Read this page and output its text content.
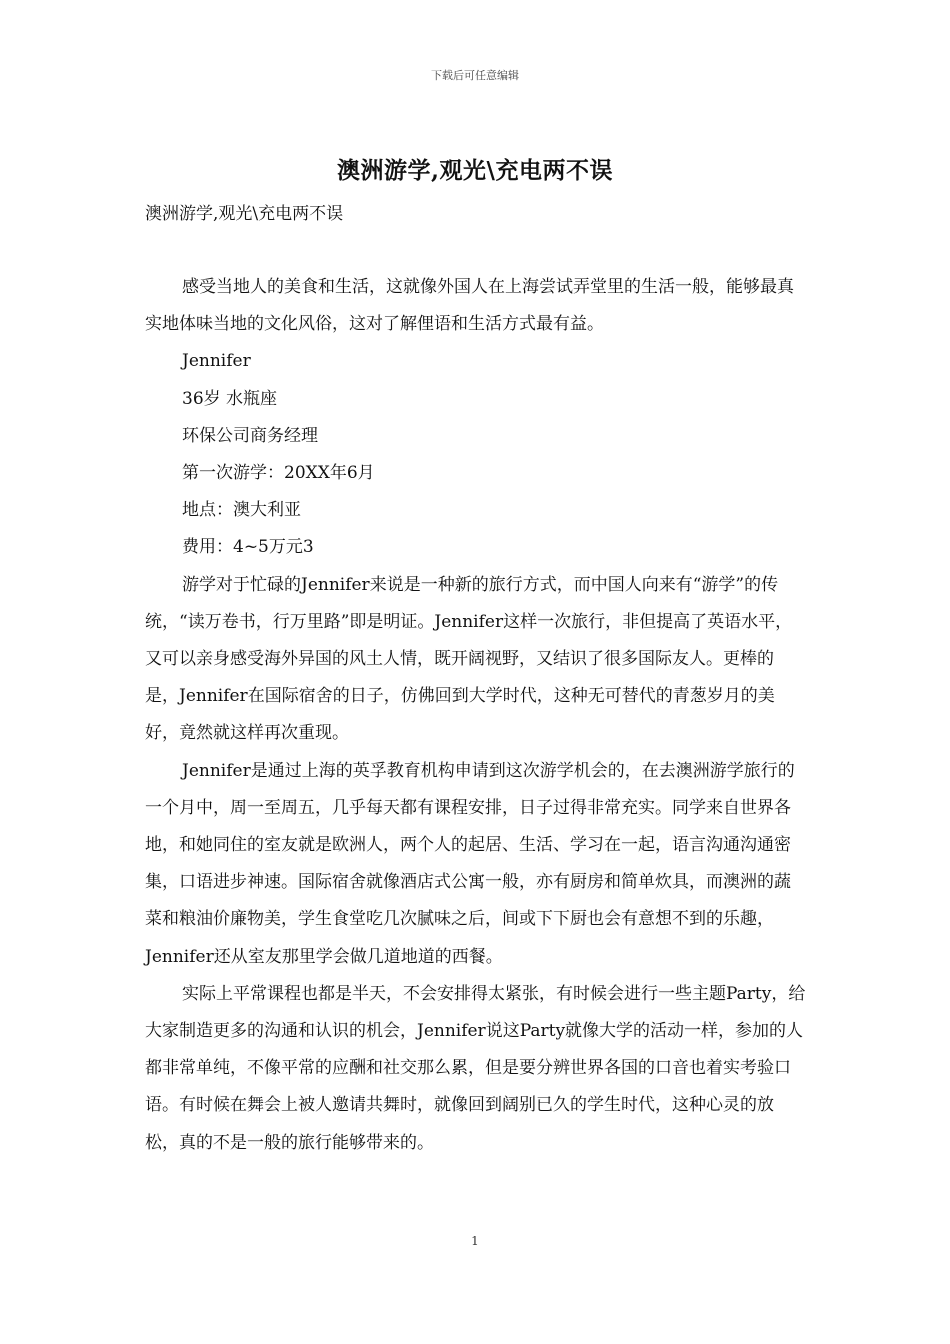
下载后可任意编辑
澳洲游学,观光\充电两不误

澳洲游学,观光\充电两不误

感受当地人的美食和生活，这就像外国人在上海尝试弄堂里的生活一般，能够最真实地体味当地的文化风俗，这对了解俚语和生活方式最有益。

Jennifer

36岁 水瓶座

环保公司商务经理

第一次游学：20XX年6月

地点：澳大利亚

费用：4~5万元3

游学对于忙碌的Jennifer来说是一种新的旅行方式，而中国人向来有“游学”的传统，“读万卷书，行万里路”即是明证。Jennifer这样一次旅行，非但提高了英语水平，又可以亲身感受海外异国的风土人情，既开阔视野，又结识了很多国际友人。更棒的是，Jennifer在国际宿舍的日子，仿佛回到大学时代，这种无可替代的青葱岁月的美好，竟然就这样再次重现。

Jennifer是通过上海的英孚教育机构申请到这次游学机会的，在去澳洲游学旅行的一个月中，周一至周五，几乎每天都有课程安排，日子过得非常充实。同学来自世界各地，和她同住的室友就是欧洲人，两个人的起居、生活、学习在一起，语言沟通沟通密集，口语进步神速。国际宿舍就像酒店式公寓一般，亦有厨房和简单炊具，而澳洲的蔬菜和粮油价廉物美，学生食堂吃几次腻味之后，间或下下厨也会有意想不到的乐趣，Jennifer还从室友那里学会做几道地道的西餐。

实际上平常课程也都是半天，不会安排得太紧张，有时候会进行一些主题Party，给大家制造更多的沟通和认识的机会，Jennifer说这Party就像大学的活动一样，参加的人都非常单纯，不像平常的应酬和社交那么累，但是要分辨世界各国的口音也着实考验口语。有时候在舞会上被人邀请共舞时，就像回到阔别已久的学生时代，这种心灵的放松，真的不是一般的旅行能够带来的。

1
